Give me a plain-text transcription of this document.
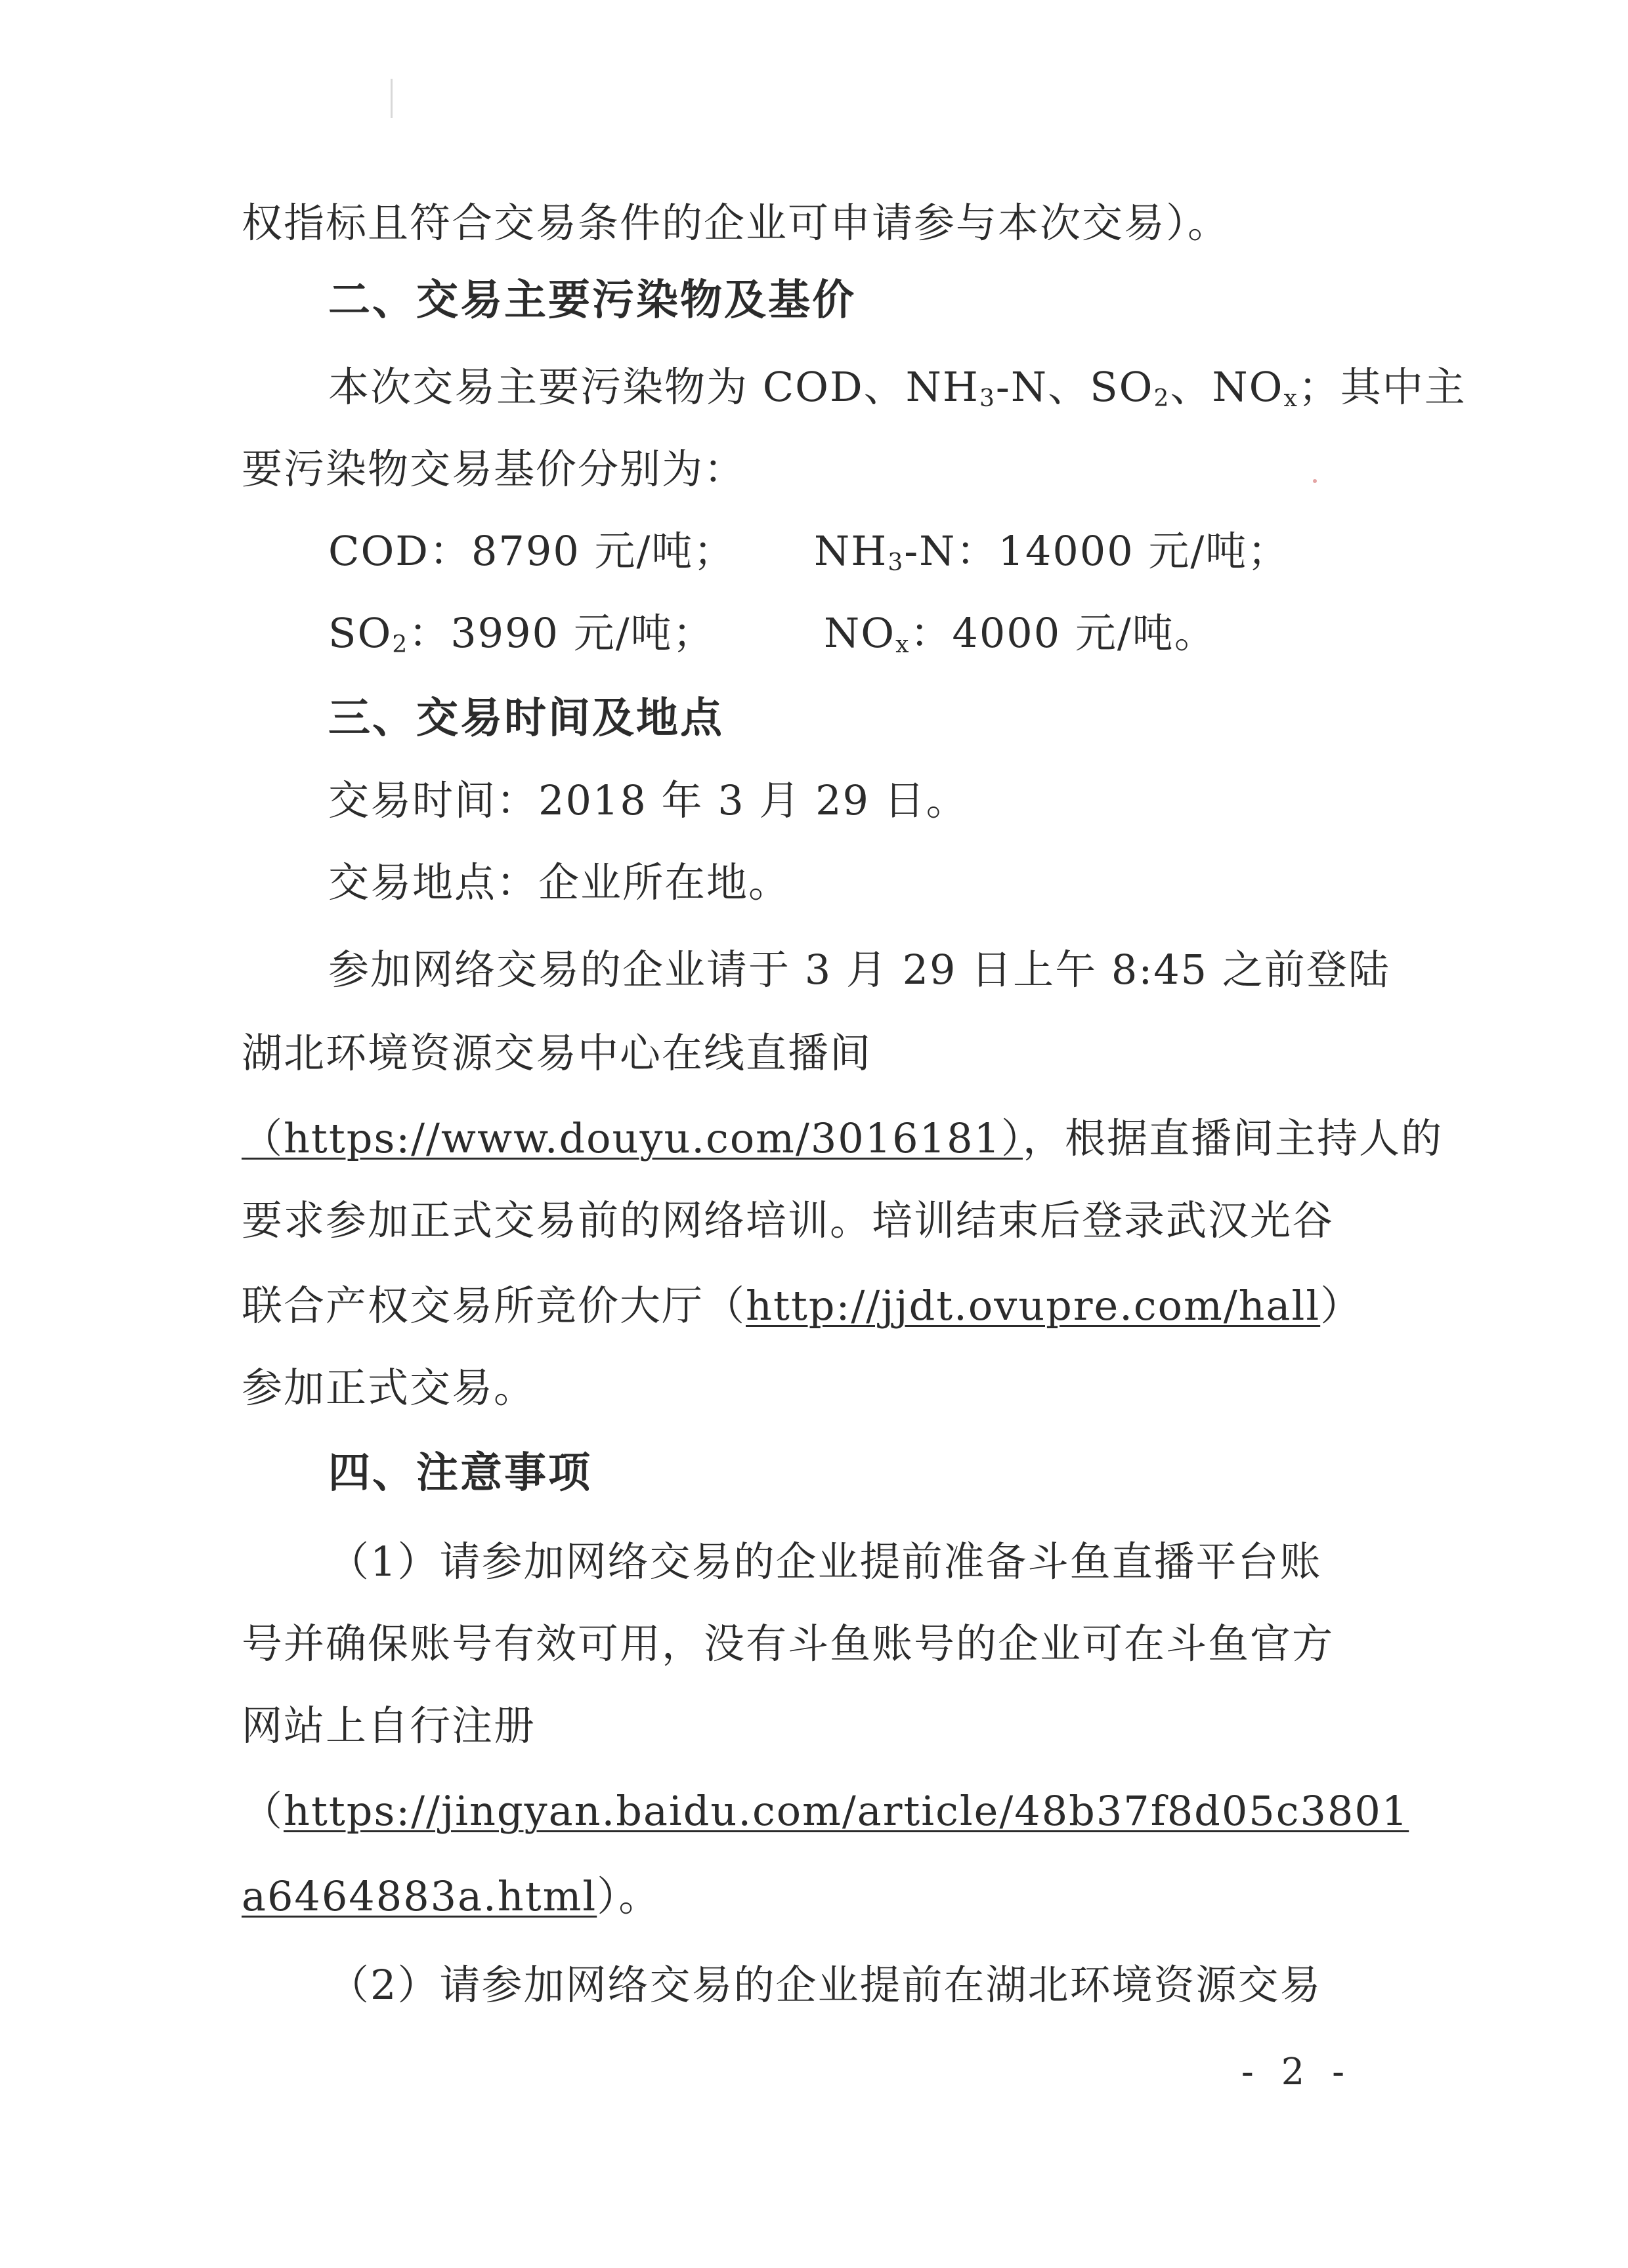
权指标且符合交易条件的企业可申请参与本次交易）。
二、交易主要污染物及基价
本次交易主要污染物为 COD、$NH_3-N$、$SO_2$、$NO_x$；其中主
要污染物交易基价分别为：
COD：8790 元/吨； $NH_3-N$：14000 元/吨；
$SO_2$：3990 元/吨；	$NO_x$：4000 元/吨。
三、交易时间及地点
交易时间：2018 年 3 月 29 日。
交易地点：企业所在地。
参加网络交易的企业请于 3 月 29 日上午 8:45 之前登陆
湖北环境资源交易中心在线直播间
（https://www.douyu.com/3016181），根据直播间主持人的
要求参加正式交易前的网络培训。培训结束后登录武汉光谷
联合产权交易所竞价大厅（http://jjdt.ovupre.com/hall）
参加正式交易。
四、注意事项
（1）请参加网络交易的企业提前准备斗鱼直播平台账
号并确保账号有效可用，没有斗鱼账号的企业可在斗鱼官方
网站上自行注册
（https://jingyan.baidu.com/article/48b37f8d05c3801
a6464883a.html）。
（2）请参加网络交易的企业提前在湖北环境资源交易
- 2 -
